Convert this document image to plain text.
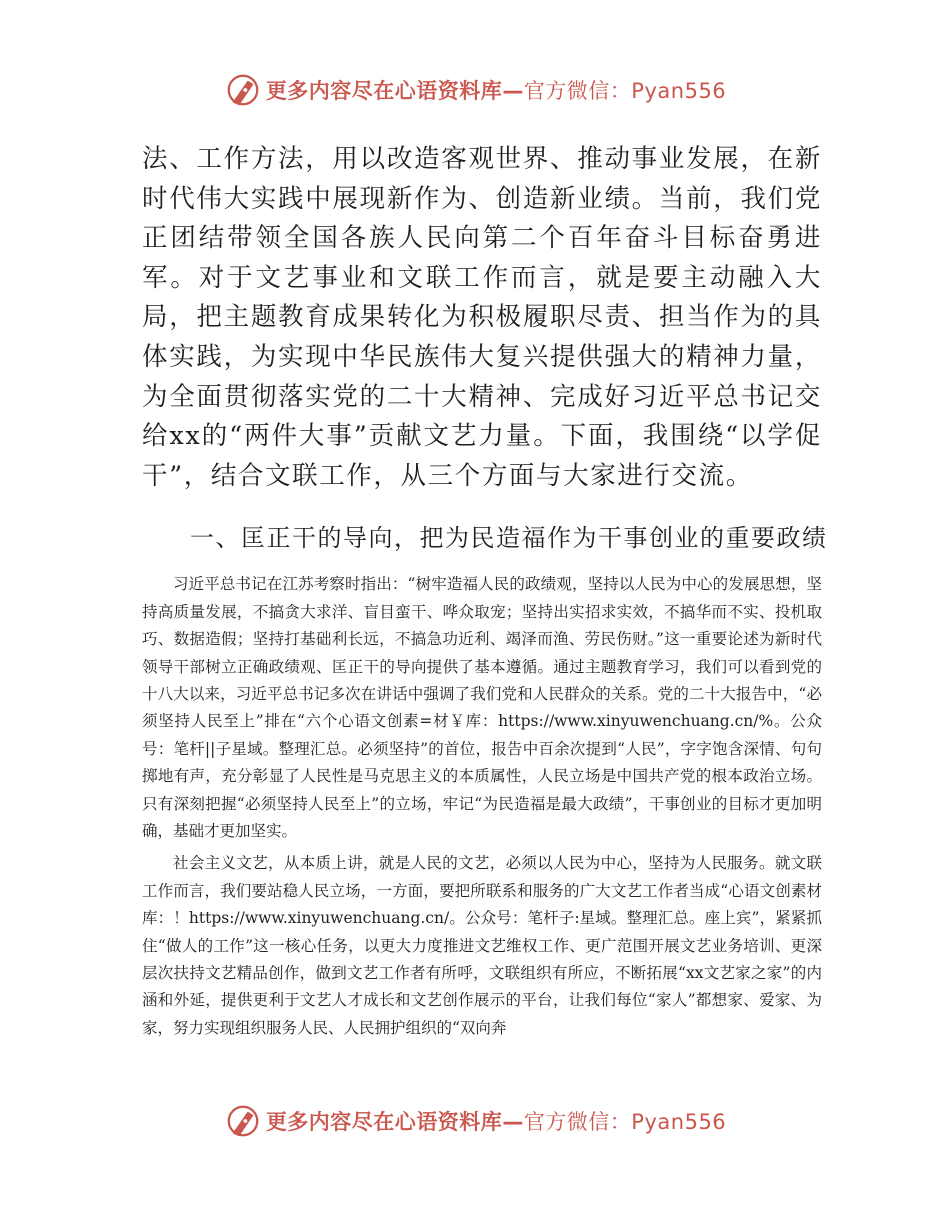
更多内容尽在心语资料库—官方微信：Pyan556

法、工作方法，用以改造客观世界、推动事业发展，在新时代伟大实践中展现新作为、创造新业绩。当前，我们党正团结带领全国各族人民向第二个百年奋斗目标奋勇进军。对于文艺事业和文联工作而言，就是要主动融入大局，把主题教育成果转化为积极履职尽责、担当作为的具体实践，为实现中华民族伟大复兴提供强大的精神力量，为全面贯彻落实党的二十大精神、完成好习近平总书记交给xx的“两件大事”贡献文艺力量。下面，我围绕“以学促干”，结合文联工作，从三个方面与大家进行交流。

一、匡正干的导向，把为民造福作为干事创业的重要政绩

习近平总书记在江苏考察时指出：“树牢造福人民的政绩观，坚持以人民为中心的发展思想，坚持高质量发展，不搞贪大求洋、盲目蛮干、哗众取宠；坚持出实招求实效，不搞华而不实、投机取巧、数据造假；坚持打基础利长远，不搞急功近利、竭泽而渔、劳民伤财。”这一重要论述为新时代领导干部树立正确政绩观、匡正干的导向提供了基本遵循。通过主题教育学习，我们可以看到党的十八大以来，习近平总书记多次在讲话中强调了我们党和人民群众的关系。党的二十大报告中，“必须坚持人民至上”排在“六个心语文创素=材￥库：https://www.xinyuwenchuang.cn/%。公众号：笔杆||子星域。整理汇总。必须坚持”的首位，报告中百余次提到“人民”，字字饱含深情、句句掷地有声，充分彰显了人民性是马克思主义的本质属性，人民立场是中国共产党的根本政治立场。只有深刻把握“必须坚持人民至上”的立场，牢记“为民造福是最大政绩”，干事创业的目标才更加明确，基础才更加坚实。

社会主义文艺，从本质上讲，就是人民的文艺，必须以人民为中心，坚持为人民服务。就文联工作而言，我们要站稳人民立场，一方面，要把所联系和服务的广大文艺工作者当成“心语文创素材库：！https://www.xinyuwenchuang.cn/。公众号：笔杆子:星域。整理汇总。座上宾”，紧紧抓住“做人的工作”这一核心任务，以更大力度推进文艺维权工作、更广范围开展文艺业务培训、更深层次扶持文艺精品创作，做到文艺工作者有所呼，文联组织有所应，不断拓展“xx文艺家之家”的内涵和外延，提供更利于文艺人才成长和文艺创作展示的平台，让我们每位“家人”都想家、爱家、为家，努力实现组织服务人民、人民拥护组织的“双向奔

更多内容尽在心语资料库—官方微信：Pyan556
